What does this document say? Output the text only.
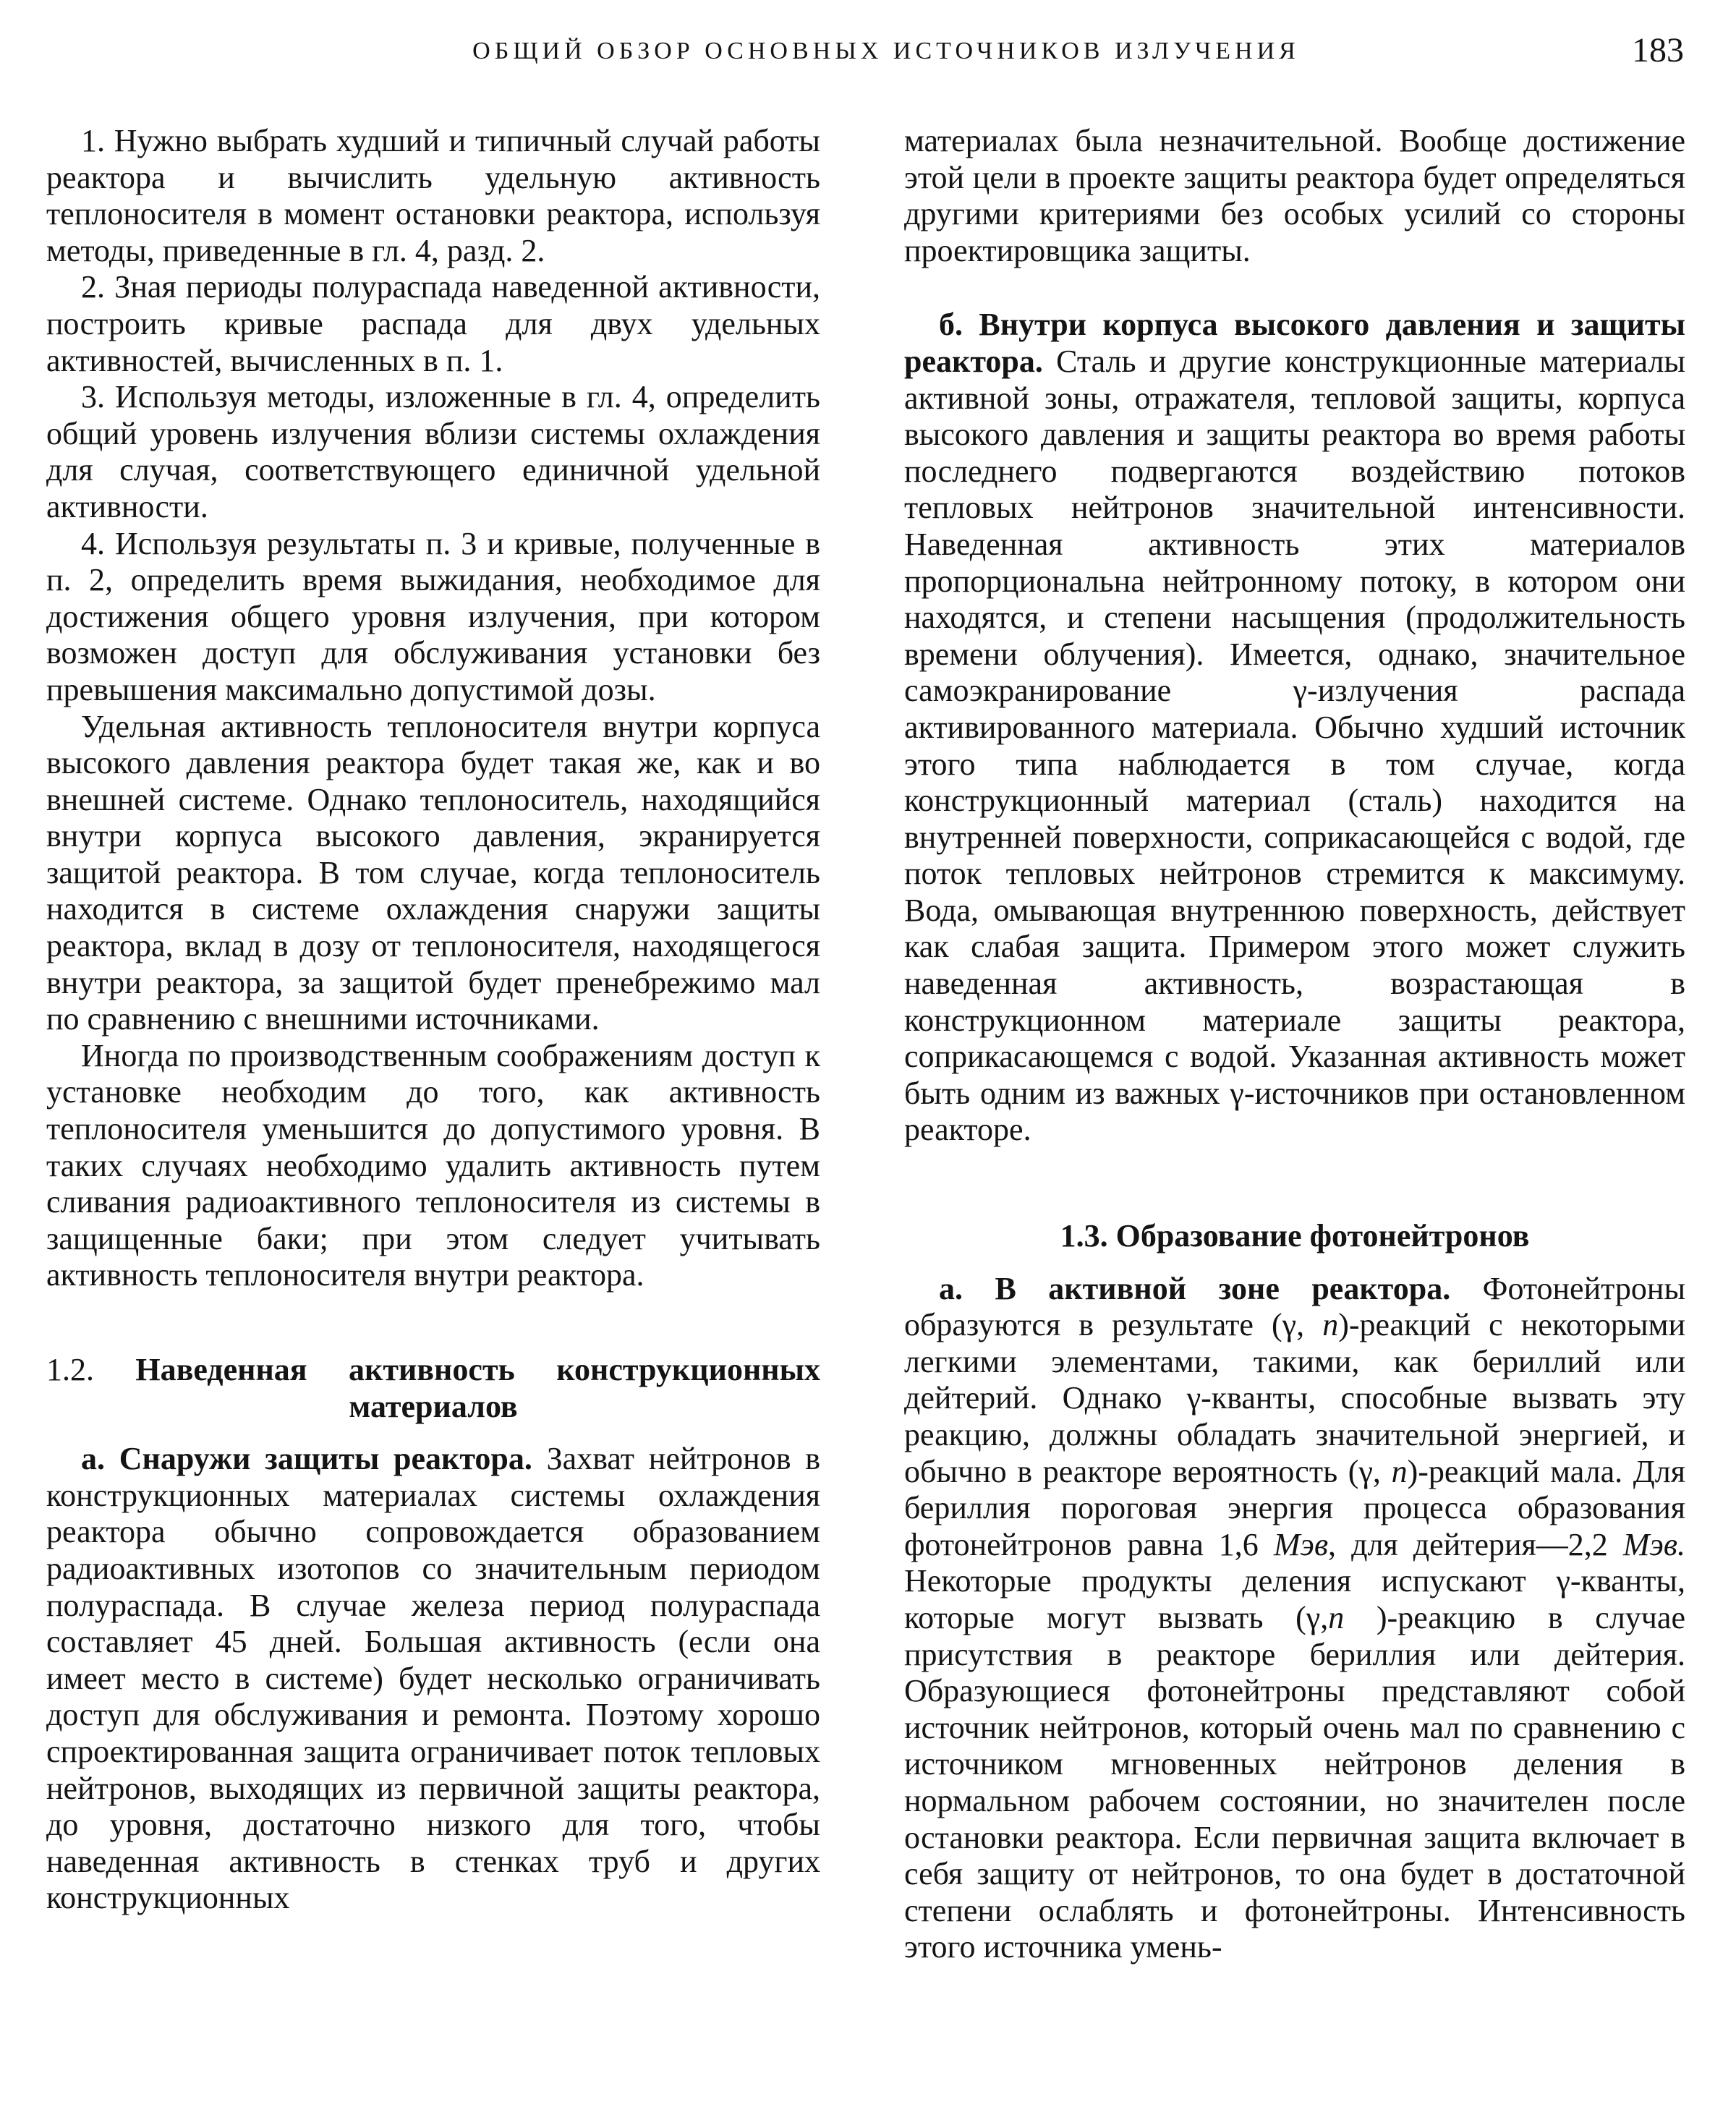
ОБЩИЙ ОБЗОР ОСНОВНЫХ ИСТОЧНИКОВ ИЗЛУЧЕНИЯ	183

1. Нужно выбрать худший и типичный случай работы реактора и вычислить удельную активность теплоносителя в момент остановки реактора, используя методы, приведенные в гл. 4, разд. 2.

2. Зная периоды полураспада наведенной активности, построить кривые распада для двух удельных активностей, вычисленных в п. 1.

3. Используя методы, изложенные в гл. 4, определить общий уровень излучения вблизи системы охлаждения для случая, соответствующего единичной удельной активности.

4. Используя результаты п. 3 и кривые, полученные в п. 2, определить время выжидания, необходимое для достижения общего уровня излучения, при котором возможен доступ для обслуживания установки без превышения максимально допустимой дозы.

Удельная активность теплоносителя внутри корпуса высокого давления реактора будет такая же, как и во внешней системе. Однако теплоноситель, находящийся внутри корпуса высокого давления, экранируется защитой реактора. В том случае, когда теплоноситель находится в системе охлаждения снаружи защиты реактора, вклад в дозу от теплоносителя, находящегося внутри реактора, за защитой будет пренебрежимо мал по сравнению с внешними источниками.

Иногда по производственным соображениям доступ к установке необходим до того, как активность теплоносителя уменьшится до допустимого уровня. В таких случаях необходимо удалить активность путем сливания радиоактивного теплоносителя из системы в защищенные баки; при этом следует учитывать активность теплоносителя внутри реактора.

1.2. Наведенная активность конструкционных
материалов

а. Снаружи защиты реактора. Захват нейтронов в конструкционных материалах системы охлаждения реактора обычно сопровождается образованием радиоактивных изотопов со значительным периодом полураспада. В случае железа период полураспада составляет 45 дней. Большая активность (если она имеет место в системе) будет несколько ограничивать доступ для обслуживания и ремонта. Поэтому хорошо спроектированная защита ограничивает поток тепловых нейтронов, выходящих из первичной защиты реактора, до уровня, достаточно низкого для того, чтобы наведенная активность в стенках труб и других конструкционных

материалах была незначительной. Вообще достижение этой цели в проекте защиты реактора будет определяться другими критериями без особых усилий со стороны проектировщика защиты.

б. Внутри корпуса высокого давления и защиты реактора. Сталь и другие конструкционные материалы активной зоны, отражателя, тепловой защиты, корпуса высокого давления и защиты реактора во время работы последнего подвергаются воздействию потоков тепловых нейтронов значительной интенсивности. Наведенная активность этих материалов пропорциональна нейтронному потоку, в котором они находятся, и степени насыщения (продолжительность времени облучения). Имеется, однако, значительное самоэкранирование γ-излучения распада активированного материала. Обычно худший источник этого типа наблюдается в том случае, когда конструкционный материал (сталь) находится на внутренней поверхности, соприкасающейся с водой, где поток тепловых нейтронов стремится к максимуму. Вода, омывающая внутреннюю поверхность, действует как слабая защита. Примером этого может служить наведенная активность, возрастающая в конструкционном материале защиты реактора, соприкасающемся с водой. Указанная активность может быть одним из важных γ-источников при остановленном реакторе.

1.3. Образование фотонейтронов

а. В активной зоне реактора. Фотонейтроны образуются в результате (γ, n)-реакций с некоторыми легкими элементами, такими, как бериллий или дейтерий. Однако γ-кванты, способные вызвать эту реакцию, должны обладать значительной энергией, и обычно в реакторе вероятность (γ, n)-реакций мала. Для бериллия пороговая энергия процесса образования фотонейтронов равна 1,6 Мэв, для дейтерия—2,2 Мэв. Некоторые продукты деления испускают γ-кванты, которые могут вызвать (γ,n )-реакцию в случае присутствия в реакторе бериллия или дейтерия. Образующиеся фотонейтроны представляют собой источник нейтронов, который очень мал по сравнению с источником мгновенных нейтронов деления в нормальном рабочем состоянии, но значителен после остановки реактора. Если первичная защита включает в себя защиту от нейтронов, то она будет в достаточной степени ослаблять и фотонейтроны. Интенсивность этого источника умень-
